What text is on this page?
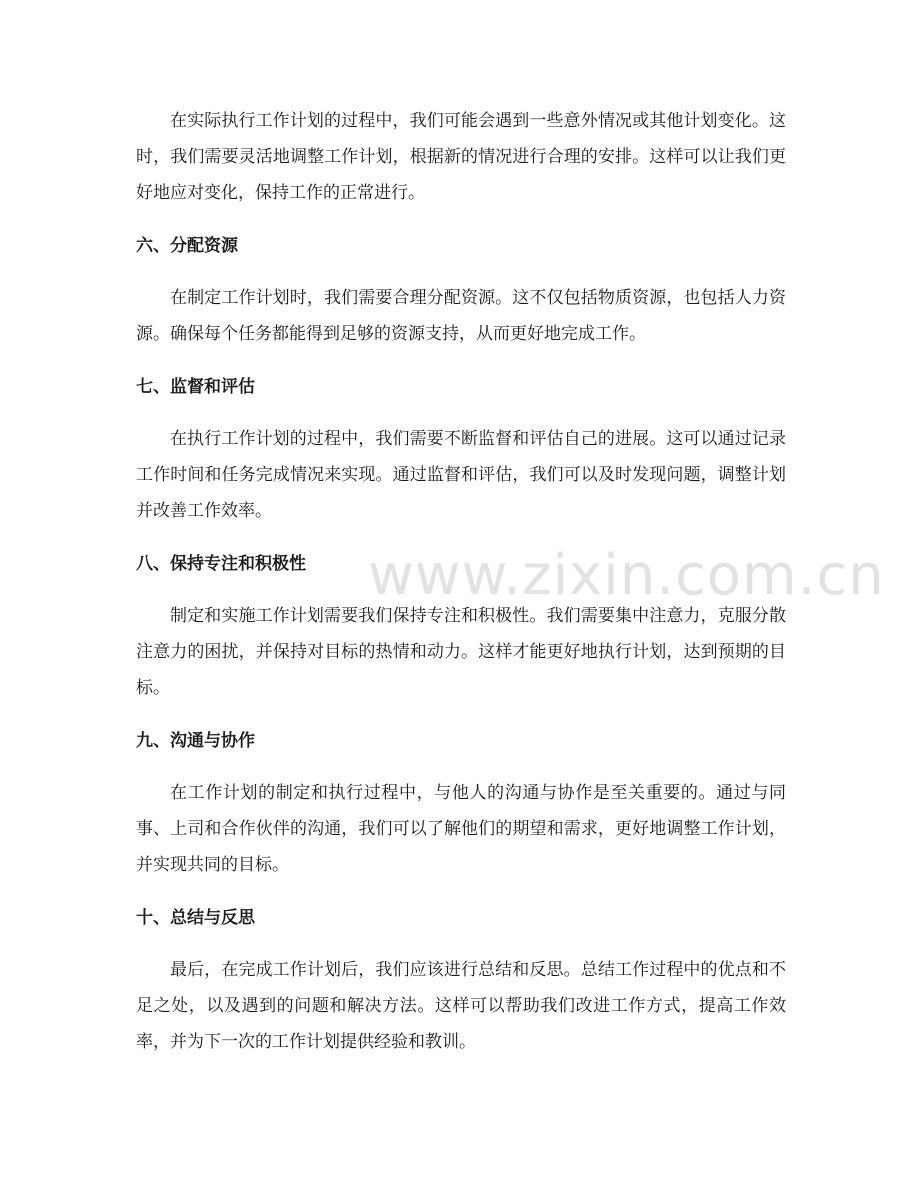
www.zixin.com.cn

在实际执行工作计划的过程中，我们可能会遇到一些意外情况或其他计划变化。这时，我们需要灵活地调整工作计划，根据新的情况进行合理的安排。这样可以让我们更好地应对变化，保持工作的正常进行。

六、分配资源

在制定工作计划时，我们需要合理分配资源。这不仅包括物质资源，也包括人力资源。确保每个任务都能得到足够的资源支持，从而更好地完成工作。

七、监督和评估

在执行工作计划的过程中，我们需要不断监督和评估自己的进展。这可以通过记录工作时间和任务完成情况来实现。通过监督和评估，我们可以及时发现问题，调整计划并改善工作效率。

八、保持专注和积极性

制定和实施工作计划需要我们保持专注和积极性。我们需要集中注意力，克服分散注意力的困扰，并保持对目标的热情和动力。这样才能更好地执行计划，达到预期的目标。

九、沟通与协作

在工作计划的制定和执行过程中，与他人的沟通与协作是至关重要的。通过与同事、上司和合作伙伴的沟通，我们可以了解他们的期望和需求，更好地调整工作计划，并实现共同的目标。

十、总结与反思

最后，在完成工作计划后，我们应该进行总结和反思。总结工作过程中的优点和不足之处，以及遇到的问题和解决方法。这样可以帮助我们改进工作方式，提高工作效率，并为下一次的工作计划提供经验和教训。
